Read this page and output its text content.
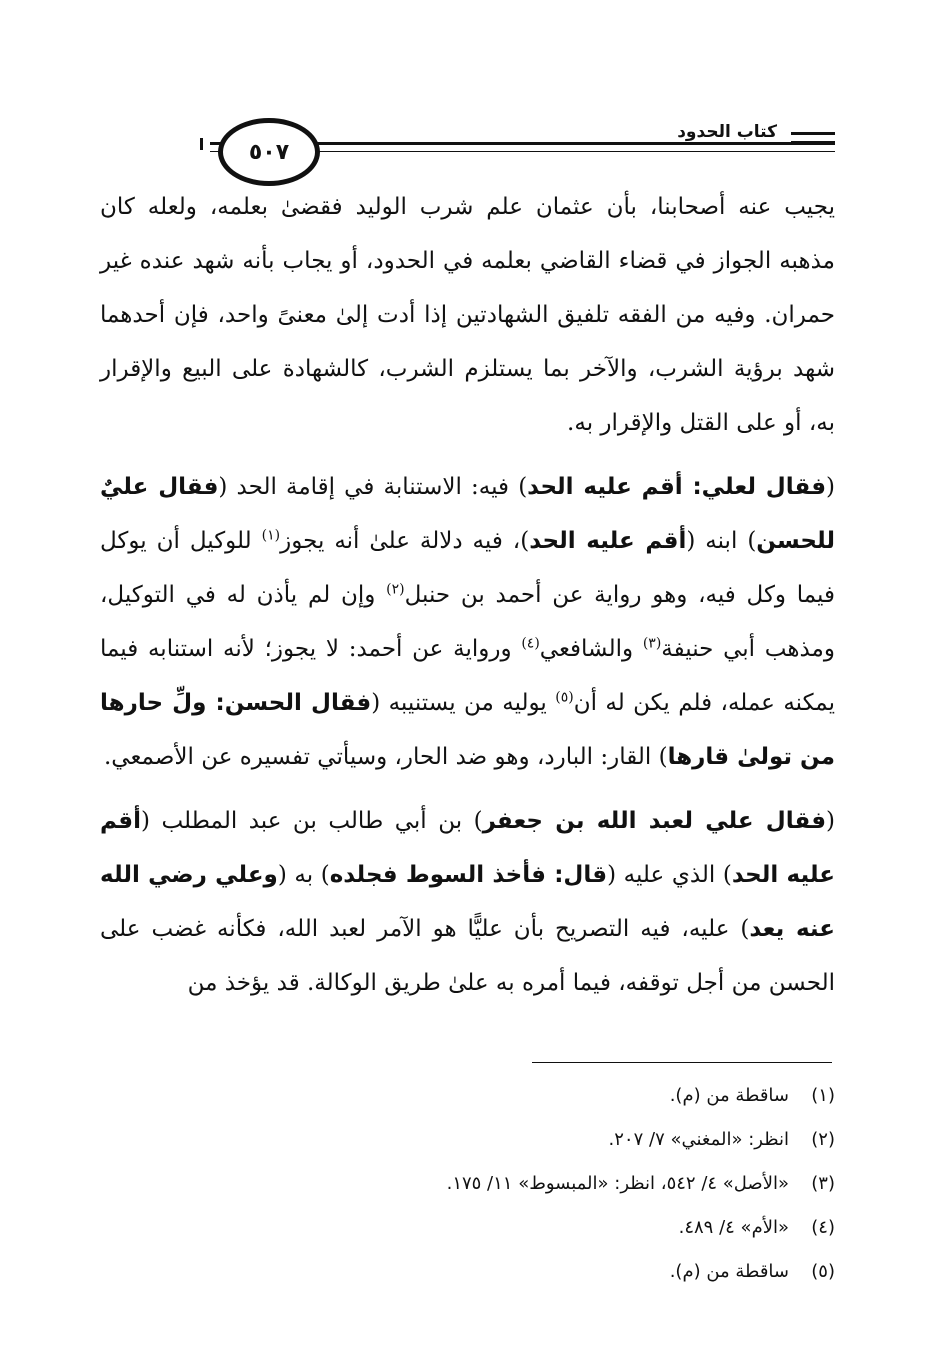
٥٠٧
كتاب الحدود

يجيب عنه أصحابنا، بأن عثمان علم شرب الوليد فقضىٰ بعلمه، ولعله كان مذهبه الجواز في قضاء القاضي بعلمه في الحدود، أو يجاب بأنه شهد عنده غير حمران. وفيه من الفقه تلفيق الشهادتين إذا أدت إلىٰ معنىً واحد، فإن أحدهما شهد برؤية الشرب، والآخر بما يستلزم الشرب، كالشهادة على البيع والإقرار به، أو على القتل والإقرار به.

(فقال لعلي: أقم عليه الحد) فيه: الاستنابة في إقامة الحد (فقال عليٌ للحسن) ابنه (أقم عليه الحد)، فيه دلالة علىٰ أنه يجوز$^{(١)}$ للوكيل أن يوكل فيما وكل فيه، وهو رواية عن أحمد بن حنبل$^{(٢)}$ وإن لم يأذن له في التوكيل، ومذهب أبي حنيفة$^{(٣)}$ والشافعي$^{(٤)}$ ورواية عن أحمد: لا يجوز؛ لأنه استنابه فيما يمكنه عمله، فلم يكن له أن$^{(٥)}$ يوليه من يستنيبه (فقال الحسن: ولِّ حارها من تولىٰ قارها) القار: البارد، وهو ضد الحار، وسيأتي تفسيره عن الأصمعي.

(فقال علي لعبد الله بن جعفر) بن أبي طالب بن عبد المطلب (أقم عليه الحد) الذي عليه (قال: فأخذ السوط فجلده) به (وعلي رضي الله عنه يعد) عليه، فيه التصريح بأن عليًّا هو الآمر لعبد الله، فكأنه غضب على الحسن من أجل توقفه، فيما أمره به علىٰ طريق الوكالة. قد يؤخذ من

(١)ساقطة من (م).
(٢)انظر: «المغني» ٧/ ٢٠٧.
(٣)«الأصل» ٤/ ٥٤٢، انظر: «المبسوط» ١١/ ١٧٥.
(٤)«الأم» ٤/ ٤٨٩.
(٥)ساقطة من (م).
